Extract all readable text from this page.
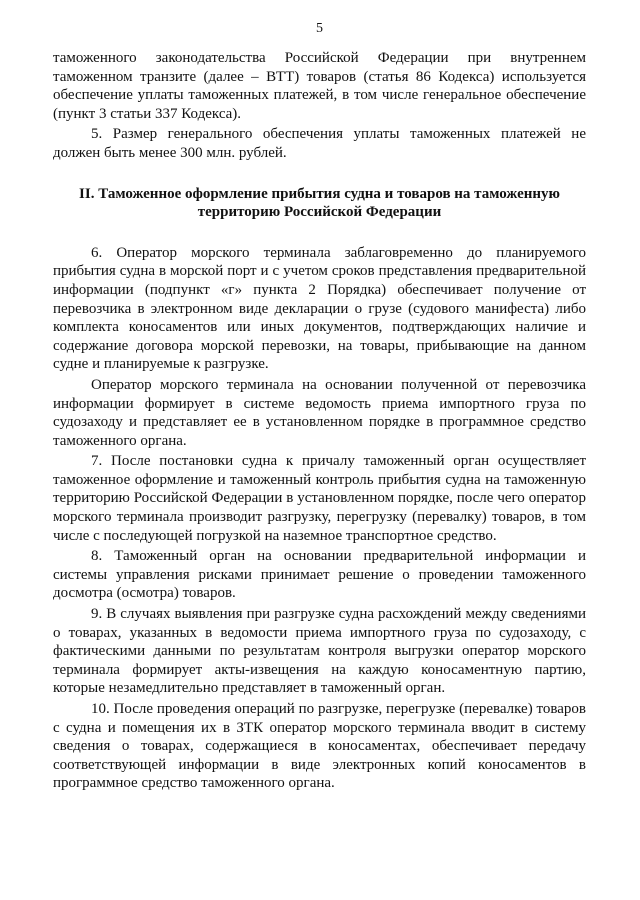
5

таможенного законодательства Российской Федерации при внутреннем таможенном транзите (далее – ВТТ) товаров (статья 86 Кодекса) используется обеспечение уплаты таможенных платежей, в том числе генеральное обеспечение (пункт 3 статьи 337 Кодекса).

5. Размер генерального обеспечения уплаты таможенных платежей не должен быть менее 300 млн. рублей.

II. Таможенное оформление прибытия судна и товаров на таможенную территорию Российской Федерации

6. Оператор морского терминала заблаговременно до планируемого прибытия судна в морской порт и с учетом сроков представления предварительной информации (подпункт «г» пункта 2 Порядка) обеспечивает получение от перевозчика в электронном виде декларации о грузе (судового манифеста) либо комплекта коносаментов или иных документов, подтверждающих наличие и содержание договора морской перевозки, на товары, прибывающие на данном судне и планируемые к разгрузке.

Оператор морского терминала на основании полученной от перевозчика информации формирует в системе ведомость приема импортного груза по судозаходу и представляет ее в установленном порядке в программное средство таможенного органа.

7. После постановки судна к причалу таможенный орган осуществляет таможенное оформление и таможенный контроль прибытия судна на таможенную территорию Российской Федерации в установленном порядке, после чего оператор морского терминала производит разгрузку, перегрузку (перевалку) товаров, в том числе с последующей погрузкой на наземное транспортное средство.

8. Таможенный орган на основании предварительной информации и системы управления рисками принимает решение о проведении таможенного досмотра (осмотра) товаров.

9. В случаях выявления при разгрузке судна расхождений между сведениями о товарах, указанных в ведомости приема импортного груза по судозаходу, с фактическими данными по результатам контроля выгрузки оператор морского терминала формирует акты-извещения на каждую коносаментную партию, которые незамедлительно представляет в таможенный орган.

10. После проведения операций по разгрузке, перегрузке (перевалке) товаров с судна и помещения их в ЗТК оператор морского терминала вводит в систему сведения о товарах, содержащиеся в коносаментах, обеспечивает передачу соответствующей информации в виде электронных копий коносаментов в программное средство таможенного органа.
